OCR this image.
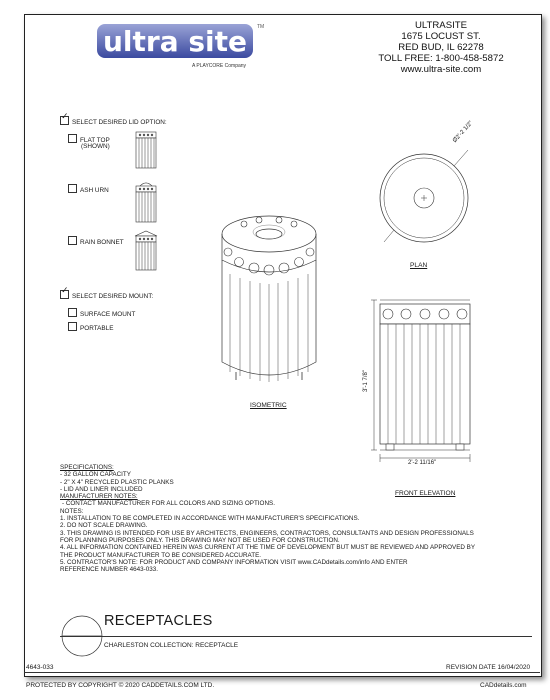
ultra site TM
A PLAYCORE Company
ULTRASITE
1675 LOCUST ST.
RED BUD, IL 62278
TOLL FREE: 1-800-458-5872
www.ultra-site.com
✓SELECT DESIRED LID OPTION:
FLAT TOP
(SHOWN)
ASH URN
RAIN BONNET
✓SELECT DESIRED MOUNT:
SURFACE MOUNT
PORTABLE
ISOMETRIC
Ø2'-2 1/2"
PLAN
3'-1 7/8"
2'-2 11/16"
FRONT ELEVATION
SPECIFICATIONS:
- 32 GALLON CAPACITY
- 2" X 4" RECYCLED PLASTIC PLANKS
- LID AND LINER INCLUDED
MANUFACTURER NOTES:
- CONTACT MANUFACTURER FOR ALL COLORS AND SIZING OPTIONS.
NOTES:
1. INSTALLATION TO BE COMPLETED IN ACCORDANCE WITH MANUFACTURER'S SPECIFICATIONS.
2. DO NOT SCALE DRAWING.
3. THIS DRAWING IS INTENDED FOR USE BY ARCHITECTS, ENGINEERS, CONTRACTORS, CONSULTANTS AND DESIGN PROFESSIONALS
FOR PLANNING PURPOSES ONLY. THIS DRAWING MAY NOT BE USED FOR CONSTRUCTION.
4. ALL INFORMATION CONTAINED HEREIN WAS CURRENT AT THE TIME OF DEVELOPMENT BUT MUST BE REVIEWED AND APPROVED BY
THE PRODUCT MANUFACTURER TO BE CONSIDERED ACCURATE.
5. CONTRACTOR'S NOTE: FOR PRODUCT AND COMPANY INFORMATION VISIT www.CADdetails.com/info AND ENTER
REFERENCE NUMBER 4643-033.
RECEPTACLES
CHARLESTON COLLECTION: RECEPTACLE
4643-033	REVISION DATE 16/04/2020
PROTECTED BY COPYRIGHT © 2020 CADDETAILS.COM LTD.	CADdetails.com
